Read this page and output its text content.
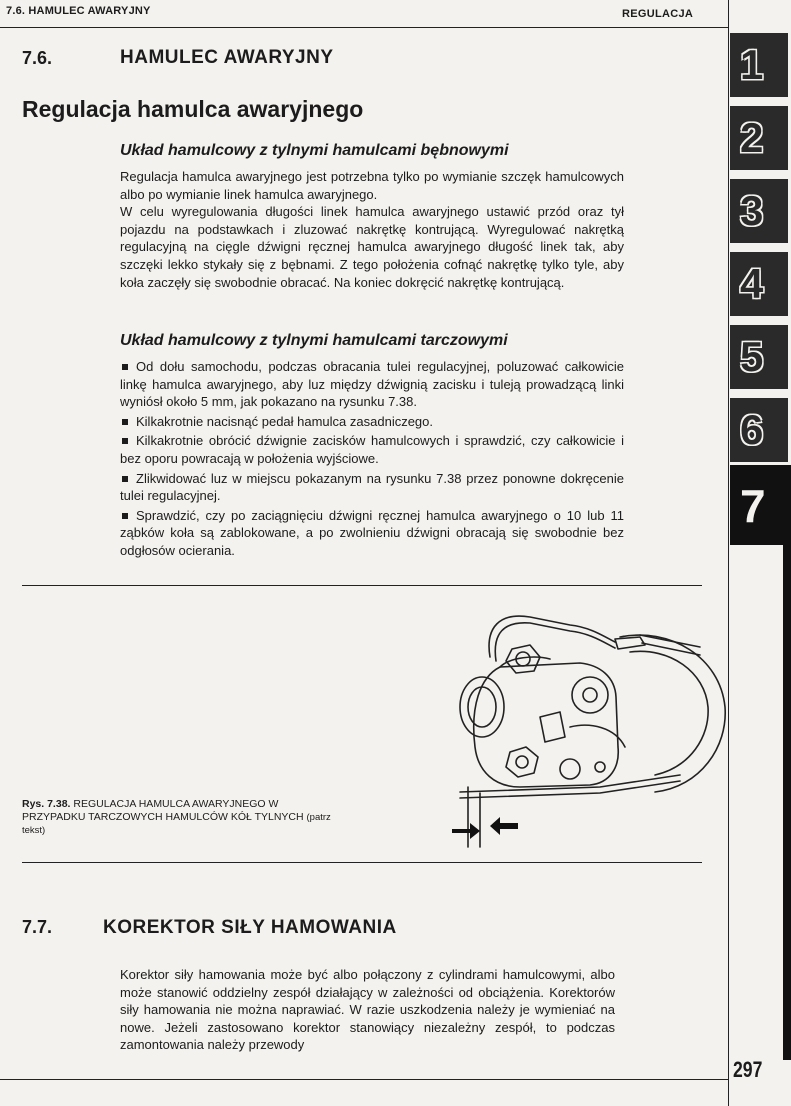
7.6. HAMULEC AWARYJNY	REGULACJA
7.6.	HAMULEC AWARYJNY
Regulacja hamulca awaryjnego
Układ hamulcowy z tylnymi hamulcami bębnowymi

Regulacja hamulca awaryjnego jest potrzebna tylko po wymianie szczęk hamulcowych albo po wymianie linek hamulca awaryjnego.

W celu wyregulowania długości linek hamulca awaryjnego ustawić przód oraz tył pojazdu na podstawkach i zluzować nakrętkę kontrującą. Wyregulować nakrętką regulacyjną na cięgle dźwigni ręcznej hamulca awaryjnego długość linek tak, aby szczęki lekko stykały się z bębnami. Z tego położenia cofnąć nakrętkę tylko tyle, aby koła zaczęły się swobodnie obracać. Na koniec dokręcić nakrętkę kontrującą.

Układ hamulcowy z tylnymi hamulcami tarczowymi
Od dołu samochodu, podczas obracania tulei regulacyjnej, poluzować całkowicie linkę hamulca awaryjnego, aby luz między dźwignią zacisku i tuleją prowadzącą linki wyniósł około 5 mm, jak pokazano na rysunku 7.38.
Kilkakrotnie nacisnąć pedał hamulca zasadniczego.
Kilkakrotnie obrócić dźwignie zacisków hamulcowych i sprawdzić, czy całkowicie i bez oporu powracają w położenia wyjściowe.
Zlikwidować luz w miejscu pokazanym na rysunku 7.38 przez ponowne dokręcenie tulei regulacyjnej.
Sprawdzić, czy po zaciągnięciu dźwigni ręcznej hamulca awaryjnego o 10 lub 11 ząbków koła są zablokowane, a po zwolnieniu dźwigni obracają się swobodnie bez odgłosów ocierania.
Rys. 7.38. REGULACJA HAMULCA AWARYJNEGO W PRZYPADKU TARCZOWYCH HAMULCÓW KÓŁ TYLNYCH (patrz tekst)
7.7.	KOREKTOR SIŁY HAMOWANIA

Korektor siły hamowania może być albo połączony z cylindrami hamulcowymi, albo może stanowić oddzielny zespół działający w zależności od obciążenia. Korektorów siły hamowania nie można naprawiać. W razie uszkodzenia należy je wymieniać na nowe. Jeżeli zastosowano korektor stanowiący niezależny zespół, to podczas zamontowania należy przewody

1
2
3
4
5
6
7
297
